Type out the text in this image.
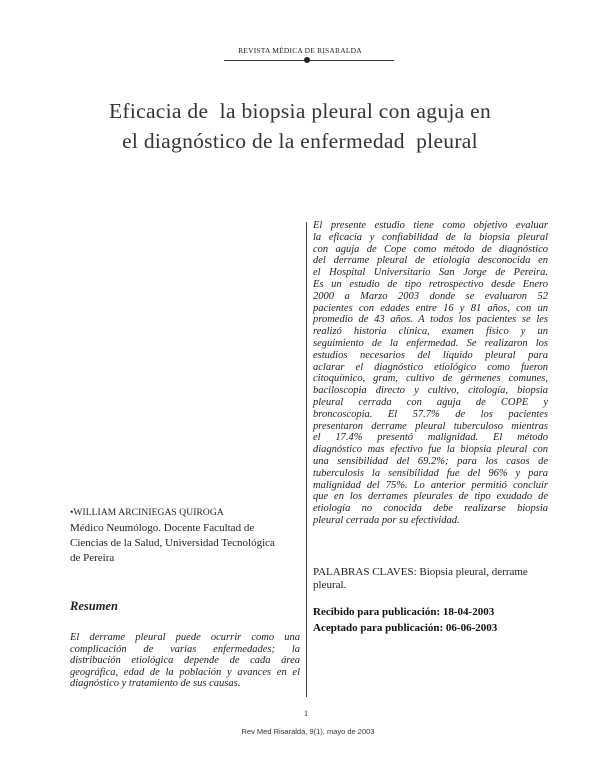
REVISTA MÉDICA DE RISARALDA
Eficacia de  la biopsia pleural con aguja en
el diagnóstico de la enfermedad  pleural
El presente estudio tiene como objetivo evaluar
la eficacia y confiabilidad de la biopsia pleural
con aguja de Cope como método de diagnóstico
del derrame pleural de etiología desconocida en
el Hospital Universitario San Jorge de Pereira.
Es un estudio de tipo retrospectivo desde Enero
2000 a Marzo 2003 donde se evaluaron 52
pacientes con edades entre 16 y 81 años, con un
promedio de 43 años. A todos los pacientes se les
realizó historia clínica, examen físico y un
seguimiento de la enfermedad. Se realizaron los
estudios necesarios del líquido pleural para
aclarar el diagnóstico etiológico como fueron
citoquímico, gram, cultivo de gérmenes comunes,
baciloscopia directo y cultivo, citología, biopsia
pleural cerrada con aguja de COPE y
broncoscopia. El 57.7% de los pacientes
presentaron derrame pleural tuberculoso mientras
el 17.4% presentó malignidad. El método
diagnóstico mas efectivo fue la biopsia pleural con
una sensibilidad del 69.2%; para los casos de
tuberculosis la sensibilidad fue del 96% y para
malignidad del 75%. Lo anterior permitió concluir
que en los derrames pleurales de tipo exudado de
etiología no conocida debe realizarse biopsia
pleural cerrada por su efectividad.

PALABRAS CLAVES: Biopsia pleural, derrame pleural.

Recibido para publicación: 18-04-2003
Aceptado para publicación: 06-06-2003
•WILLIAM ARCINIEGAS QUIROGA
Médico Neumólogo. Docente Facultad de
Ciencias de la Salud, Universidad Tecnológica
de Pereira
Resumen
El derrame pleural puede ocurrir como una
complicación de varias enfermedades; la
distribución etiológica depende de cada área
geográfica, edad de la población y avances en el
diagnóstico y tratamiento de sus causas.
1
Rev Med Risaralda, 9(1), mayo de 2003
